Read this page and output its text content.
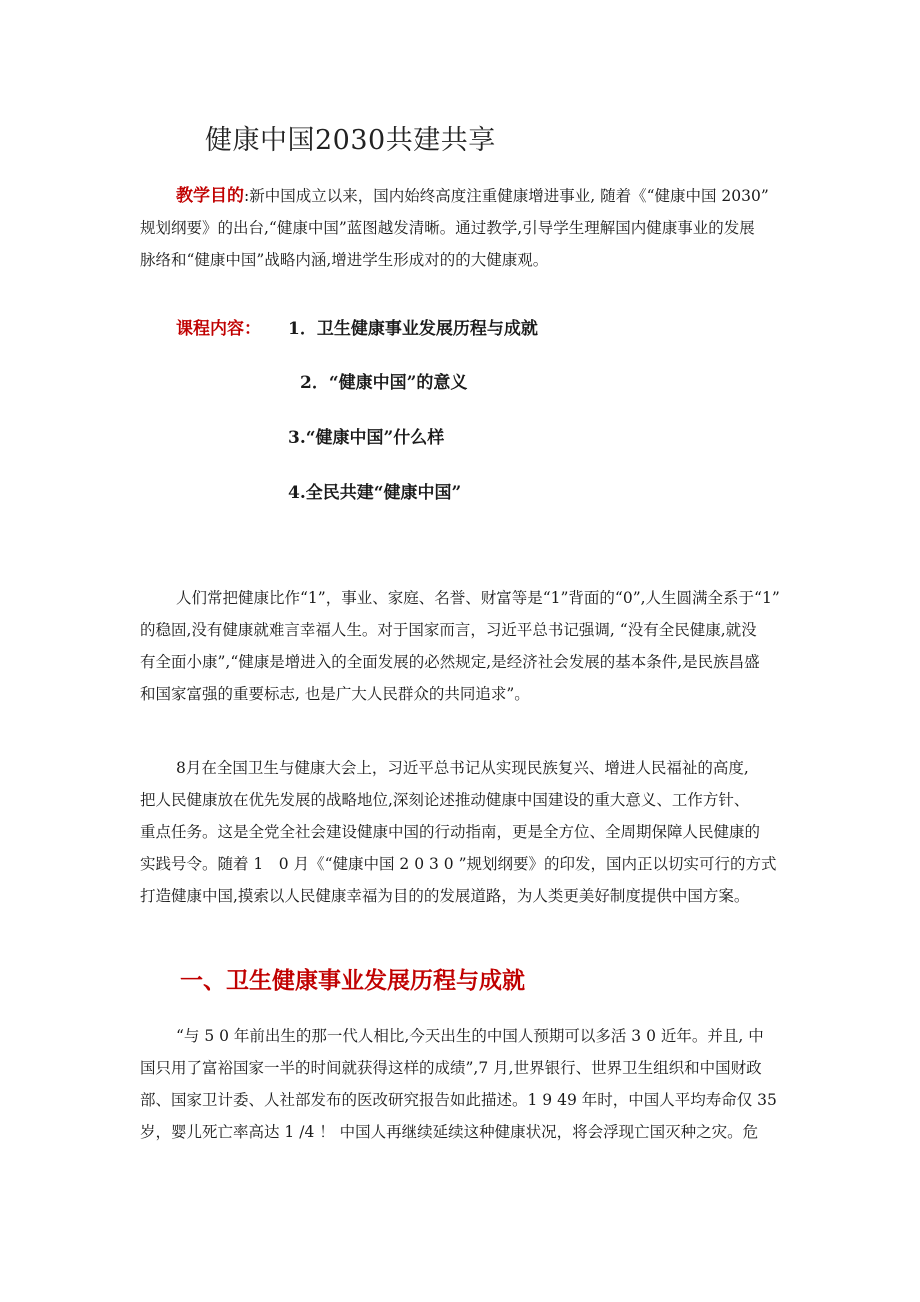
健康中国2030共建共享
教学目的:新中国成立以来，国内始终高度注重健康增进事业, 随着《“健康中国 2030”
规划纲要》的出台,“健康中国”蓝图越发清晰。通过教学,引导学生理解国内健康事业的发展
脉络和“健康中国”战略内涵,增进学生形成对的的大健康观。
课程内容： 1．卫生健康事业发展历程与成就
2．“健康中国”的意义
3.“健康中国”什么样
4.全民共建“健康中国”
人们常把健康比作“1”，事业、家庭、名誉、财富等是“1”背面的“0”,人生圆满全系于“1”
的稳固,没有健康就难言幸福人生。对于国家而言，习近平总书记强调, “没有全民健康,就没
有全面小康”,“健康是增进入的全面发展的必然规定,是经济社会发展的基本条件,是民族昌盛
和国家富强的重要标志, 也是广大人民群众的共同追求”。
8月在全国卫生与健康大会上，习近平总书记从实现民族复兴、增进人民福祉的高度,
把人民健康放在优先发展的战略地位,深刻论述推动健康中国建设的重大意义、工作方针、
重点任务。这是全党全社会建设健康中国的行动指南，更是全方位、全周期保障人民健康的
实践号令。随着 1　0 月《“健康中国 2 0 3 0 ”规划纲要》的印发，国内正以切实可行的方式
打造健康中国,摸索以人民健康幸福为目的的发展道路，为人类更美好制度提供中国方案。
一、卫生健康事业发展历程与成就
“与 5 0 年前出生的那一代人相比,今天出生的中国人预期可以多活 3 0 近年。并且, 中
国只用了富裕国家一半的时间就获得这样的成绩”,7 月,世界银行、世界卫生组织和中国财政
部、国家卫计委、人社部发布的医改研究报告如此描述。1 9 49 年时，中国人平均寿命仅 35
岁，婴儿死亡率高达 1 /4 ！ 中国人再继续延续这种健康状况，将会浮现亡国灭种之灾。危
